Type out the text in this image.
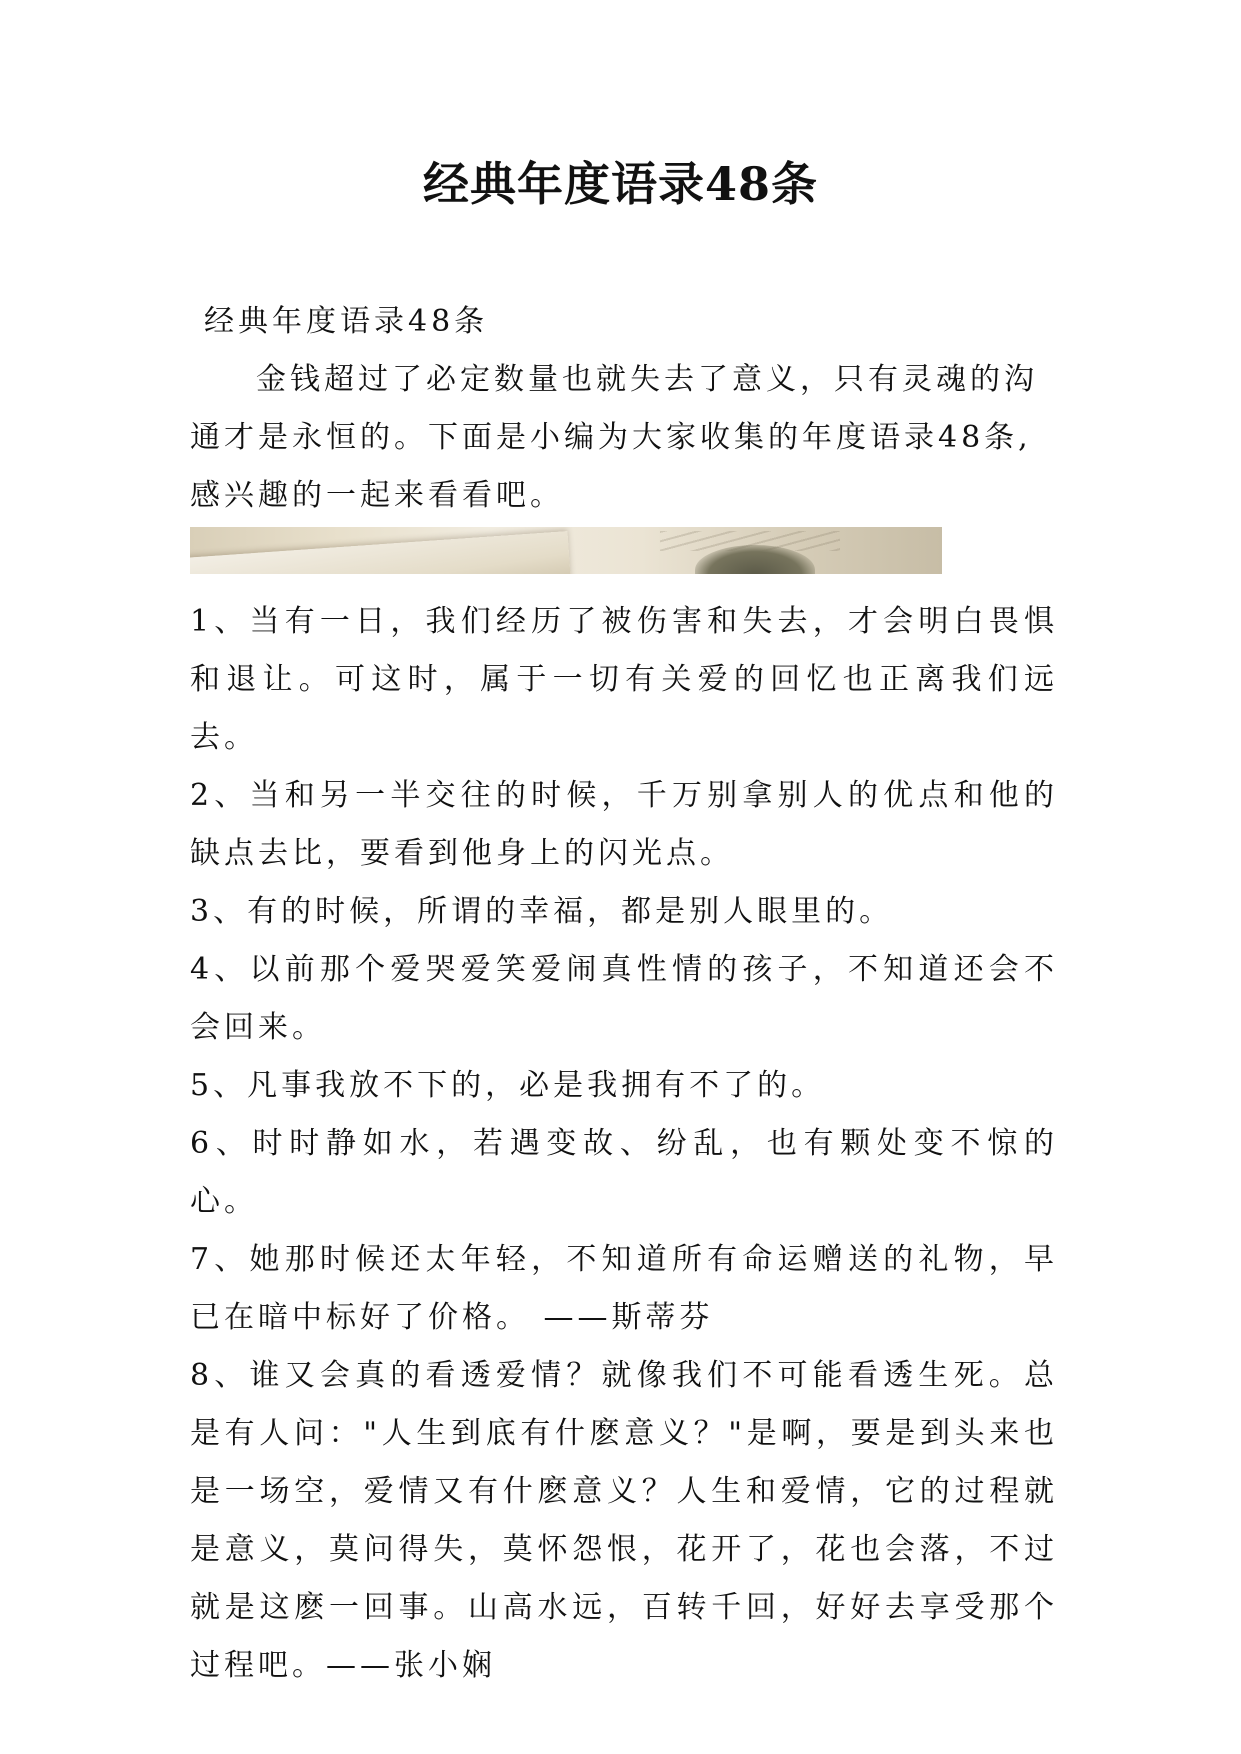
经典年度语录48条
经典年度语录48条

金钱超过了必定数量也就失去了意义，只有灵魂的沟通才是永恒的。下面是小编为大家收集的年度语录48条,感兴趣的一起来看看吧。

1、当有一日，我们经历了被伤害和失去，才会明白畏惧和退让。可这时，属于一切有关爱的回忆也正离我们远去。

2、当和另一半交往的时候，千万别拿别人的优点和他的缺点去比，要看到他身上的闪光点。

3、有的时候，所谓的幸福，都是别人眼里的。

4、以前那个爱哭爱笑爱闹真性情的孩子，不知道还会不会回来。

5、凡事我放不下的，必是我拥有不了的。

6、时时静如水，若遇变故、纷乱，也有颗处变不惊的心。

7、她那时候还太年轻，不知道所有命运赠送的礼物，早已在暗中标好了价格。 ——斯蒂芬

8、谁又会真的看透爱情？就像我们不可能看透生死。总是有人问："人生到底有什麽意义？"是啊，要是到头来也是一场空，爱情又有什麽意义？人生和爱情，它的过程就是意义，莫问得失，莫怀怨恨，花开了，花也会落，不过就是这麽一回事。山高水远，百转千回，好好去享受那个过程吧。——张小娴
